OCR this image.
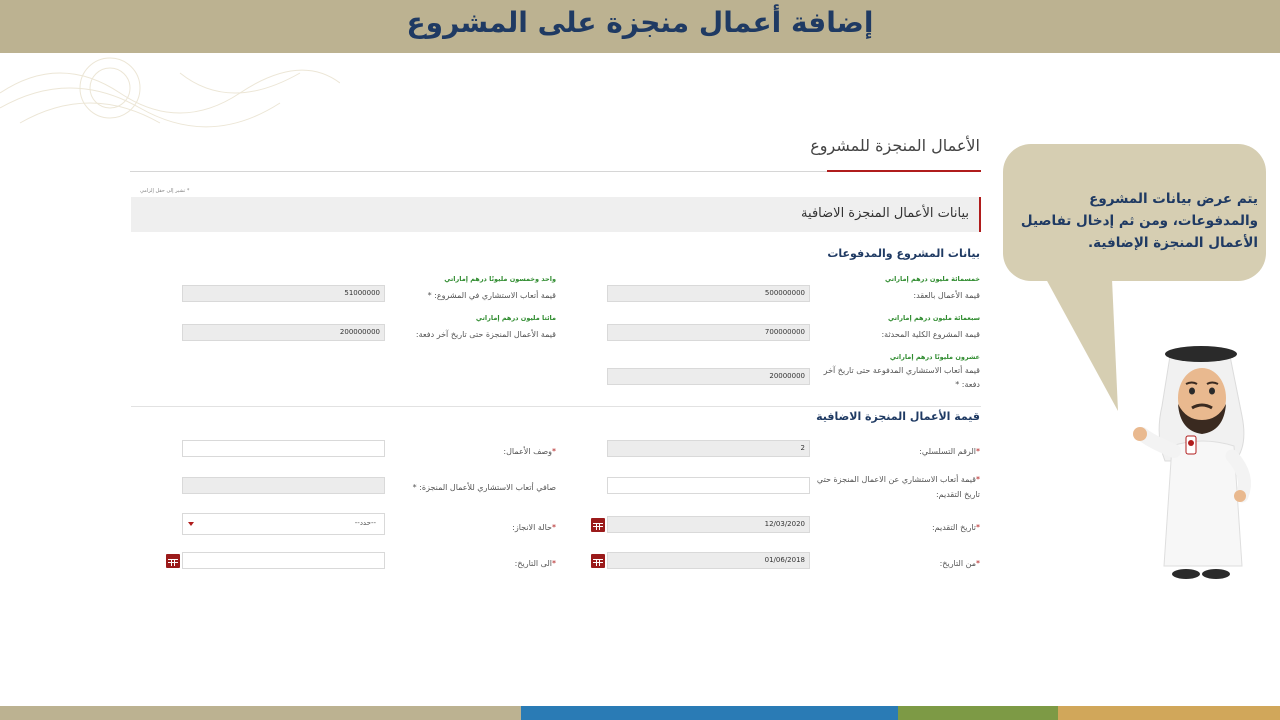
إضافة أعمال منجزة على المشروع
الأعمال المنجزة للمشروع
* تشير إلى حقل إلزامي
بيانات الأعمال المنجزة الاضافية
بيانات المشروع والمدفوعات
خمسمائة مليون درهم إماراتي
قيمة الأعمال بالعقد:
500000000
واحد وخمسون مليونًا درهم إماراتي
قيمة أتعاب الاستشاري في المشروع: *
51000000
سبعمائة مليون درهم إماراتي
قيمة المشروع الكلية المحدثة:
700000000
مائتا مليون درهم إماراتي
قيمة الأعمال المنجزة حتى تاريخ آخر دفعة:
200000000
عشرون مليونًا درهم إماراتي
قيمة أتعاب الاستشاري المدفوعة حتى تاريخ آخر
دفعة: *
20000000
قيمة الأعمال المنجزة الاضافية
*الرقم التسلسلي:
2
*وصف الأعمال:
*قيمة أتعاب الاستشاري عن الاعمال المنجزة حتي
تاريخ التقديم:
صافي أتعاب الاستشاري للأعمال المنجزة: *
*تاريخ التقديم:
12/03/2020
*حالة الانجاز:
--حدد--
*من التاريخ:
01/06/2018
*الى التاريخ:

يتم عرض بيانات المشروع والمدفوعات، ومن ثم إدخال تفاصيل الأعمال المنجزة الإضافية.
